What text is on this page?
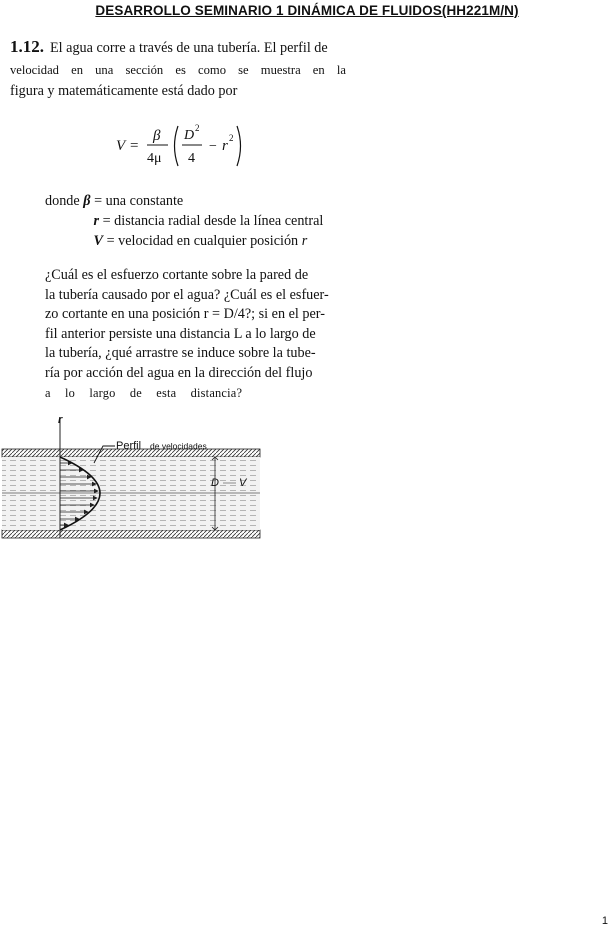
DESARROLLO SEMINARIO 1 DINÁMICA DE FLUIDOS(HH221M/N)

1.12. El agua corre a través de una tubería. El perfil de
velocidad en una sección es como se muestra en la
figura y matemáticamente está dado por

V =
β
4μ
D 2
4
− r 2
donde β = una constante
r = distancia radial desde la línea central
V = velocidad en cualquier posición r

¿Cuál es el esfuerzo cortante sobre la pared de
la tubería causado por el agua? ¿Cuál es el esfuer-
zo cortante en una posición r = D/4?; si en el per-
fil anterior persiste una distancia L a lo largo de
la tubería, ¿qué arrastre se induce sobre la tube-
ría por acción del agua en la dirección del flujo
a lo largo de esta distancia?

r
Perfil de velocidades
D V
1
